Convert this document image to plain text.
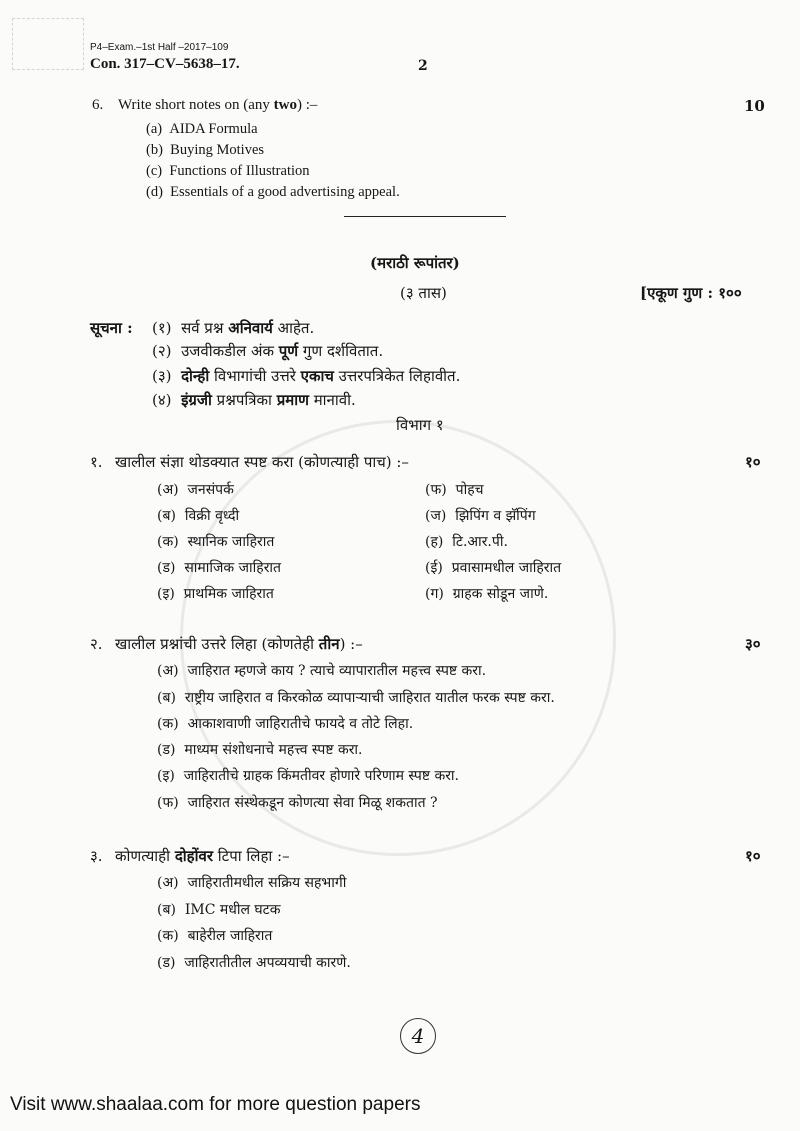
P4–Exam.–1st Half –2017–109
Con. 317–CV–5638–17.	2
6. Write short notes on (any two) :–	10
(a) AIDA Formula
(b) Buying Motives
(c) Functions of Illustration
(d) Essentials of a good advertising appeal.
(मराठी रूपांतर)
(३ तास)	[एकूण गुण : १००
सूचना : (१) सर्व प्रश्न अनिवार्य आहेत.
(२) उजवीकडील अंक पूर्ण गुण दर्शवितात.
(३) दोन्ही विभागांची उत्तरे एकाच उत्तरपत्रिकेत लिहावीत.
(४) इंग्रजी प्रश्नपत्रिका प्रमाण मानावी.
विभाग १
१. खालील संज्ञा थोडक्यात स्पष्ट करा (कोणत्याही पाच) :–	१०
(अ) जनसंपर्क
(ब) विक्री वृध्दी
(क) स्थानिक जाहिरात
(ड) सामाजिक जाहिरात
(इ) प्राथमिक जाहिरात
(फ) पोहच
(ज) झिपिंग व झॅपिंग
(ह) टि.आर.पी.
(ई) प्रवासामधील जाहिरात
(ग) ग्राहक सोडून जाणे.
२. खालील प्रश्नांची उत्तरे लिहा (कोणतेही तीन) :–	३०
(अ) जाहिरात म्हणजे काय ? त्याचे व्यापारातील महत्त्व स्पष्ट करा.
(ब) राष्ट्रीय जाहिरात व किरकोळ व्यापाऱ्याची जाहिरात यातील फरक स्पष्ट करा.
(क) आकाशवाणी जाहिरातीचे फायदे व तोटे लिहा.
(ड) माध्यम संशोधनाचे महत्त्व स्पष्ट करा.
(इ) जाहिरातीचे ग्राहक किंमतीवर होणारे परिणाम स्पष्ट करा.
(फ) जाहिरात संस्थेकडून कोणत्या सेवा मिळू शकतात ?
३. कोणत्याही दोहोंवर टिपा लिहा :–	१०
(अ) जाहिरातीमधील सक्रिय सहभागी
(ब) IMC मधील घटक
(क) बाहेरील जाहिरात
(ड) जाहिरातीतील अपव्ययाची कारणे.
4
Visit www.shaalaa.com for more question papers
